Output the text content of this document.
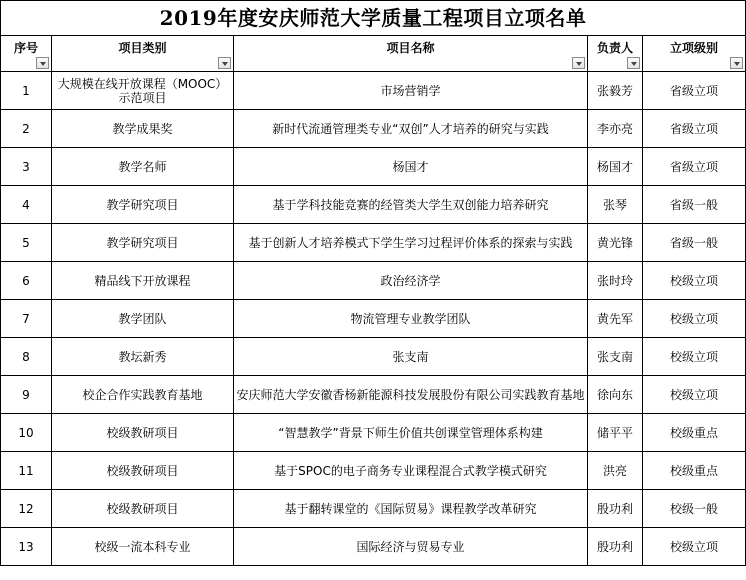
2019年度安庆师范大学质量工程项目立项名单				
序号	项目类别	项目名称	负责人	立项级别

1	大规模在线开放课程（MOOC）示范项目	市场营销学	张毅芳	省级立项
2	教学成果奖	新时代流通管理类专业“双创”人才培养的研究与实践	李亦亮	省级立项
3	教学名师	杨国才	杨国才	省级立项
4	教学研究项目	基于学科技能竞赛的经管类大学生双创能力培养研究	张琴	省级一般
5	教学研究项目	基于创新人才培养模式下学生学习过程评价体系的探索与实践	黄光锋	省级一般
6	精品线下开放课程	政治经济学	张时玲	校级立项
7	教学团队	物流管理专业教学团队	黄先军	校级立项
8	教坛新秀	张支南	张支南	校级立项
9	校企合作实践教育基地	安庆师范大学安徽香杨新能源科技发展股份有限公司实践教育基地	徐向东	校级立项
10	校级教研项目	“智慧教学”背景下师生价值共创课堂管理体系构建	储平平	校级重点
11	校级教研项目	基于SPOC的电子商务专业课程混合式教学模式研究	洪亮	校级重点
12	校级教研项目	基于翻转课堂的《国际贸易》课程教学改革研究	殷功利	校级一般
13	校级一流本科专业	国际经济与贸易专业	殷功利	校级立项
